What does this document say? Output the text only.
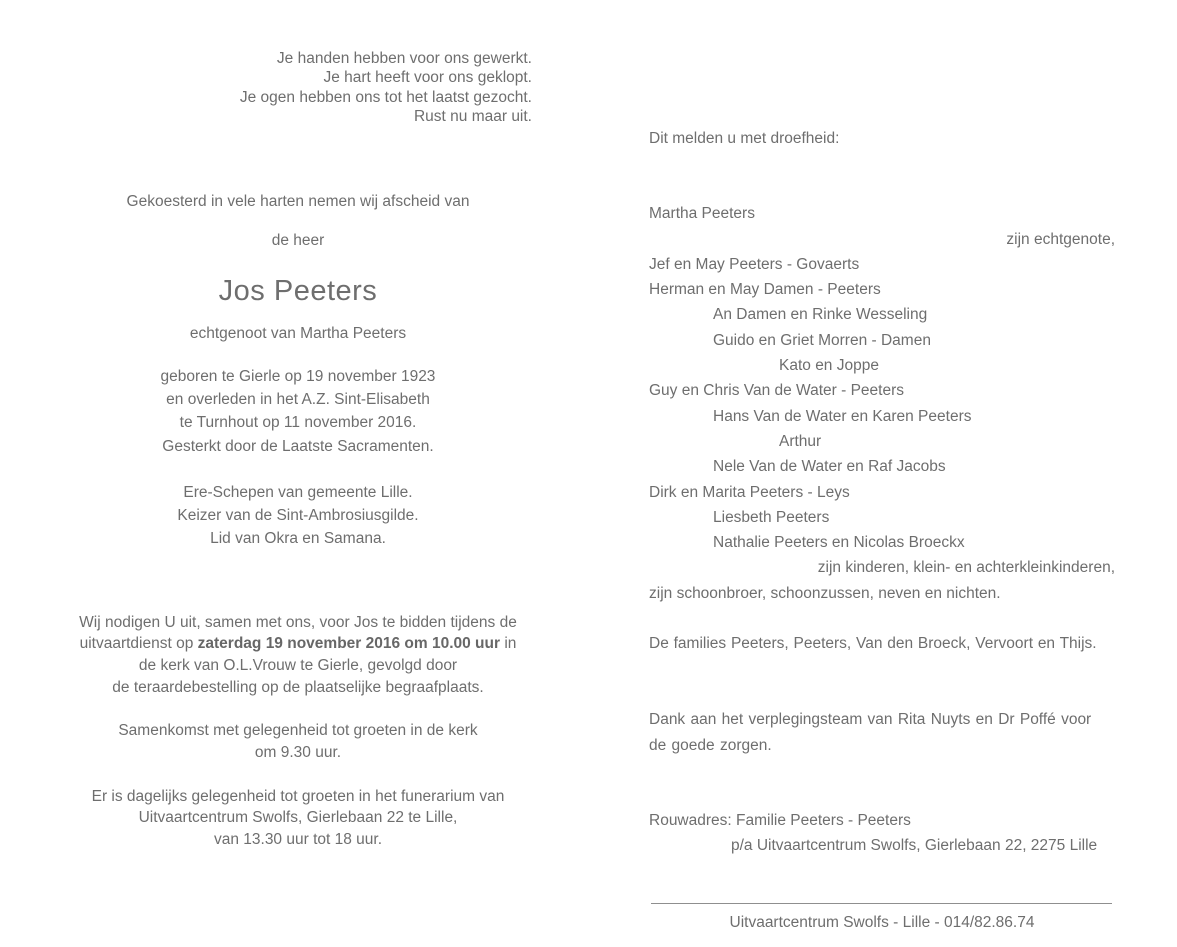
Je handen hebben voor ons gewerkt.
Je hart heeft voor ons geklopt.
Je ogen hebben ons tot het laatst gezocht.
Rust nu maar uit.
Gekoesterd in vele harten nemen wij afscheid van
de heer
Jos Peeters
echtgenoot van Martha Peeters
geboren te Gierle op 19 november 1923
en overleden in het A.Z. Sint-Elisabeth
te Turnhout op 11 november 2016.
Gesterkt door de Laatste Sacramenten.
Ere-Schepen van gemeente Lille.
Keizer van de Sint-Ambrosiusgilde.
Lid van Okra en Samana.
Wij nodigen U uit, samen met ons, voor Jos te bidden tijdens de
uitvaartdienst op zaterdag 19 november 2016 om 10.00 uur in
de kerk van O.L.Vrouw te Gierle, gevolgd door
de teraardebestelling op de plaatselijke begraafplaats.
Samenkomst met gelegenheid tot groeten in de kerk
om 9.30 uur.
Er is dagelijks gelegenheid tot groeten in het funerarium van
Uitvaartcentrum Swolfs, Gierlebaan 22 te Lille,
van 13.30 uur tot 18 uur.
Dit melden u met droefheid:
Martha Peeters
zijn echtgenote,
Jef en May Peeters - Govaerts
Herman en May Damen - Peeters
An Damen en Rinke Wesseling
Guido en Griet Morren - Damen
Kato en Joppe
Guy en Chris Van de Water - Peeters
Hans Van de Water en Karen Peeters
Arthur
Nele Van de Water en Raf Jacobs
Dirk en Marita Peeters - Leys
Liesbeth Peeters
Nathalie Peeters en Nicolas Broeckx
zijn kinderen, klein- en achterkleinkinderen,
zijn schoonbroer, schoonzussen, neven en nichten.
De families Peeters, Peeters, Van den Broeck, Vervoort en Thijs.
Dank aan het verplegingsteam van Rita Nuyts en Dr Poffé voor
de goede zorgen.
Rouwadres: Familie Peeters - Peeters
p/a Uitvaartcentrum Swolfs, Gierlebaan 22, 2275 Lille
Uitvaartcentrum Swolfs - Lille - 014/82.86.74
